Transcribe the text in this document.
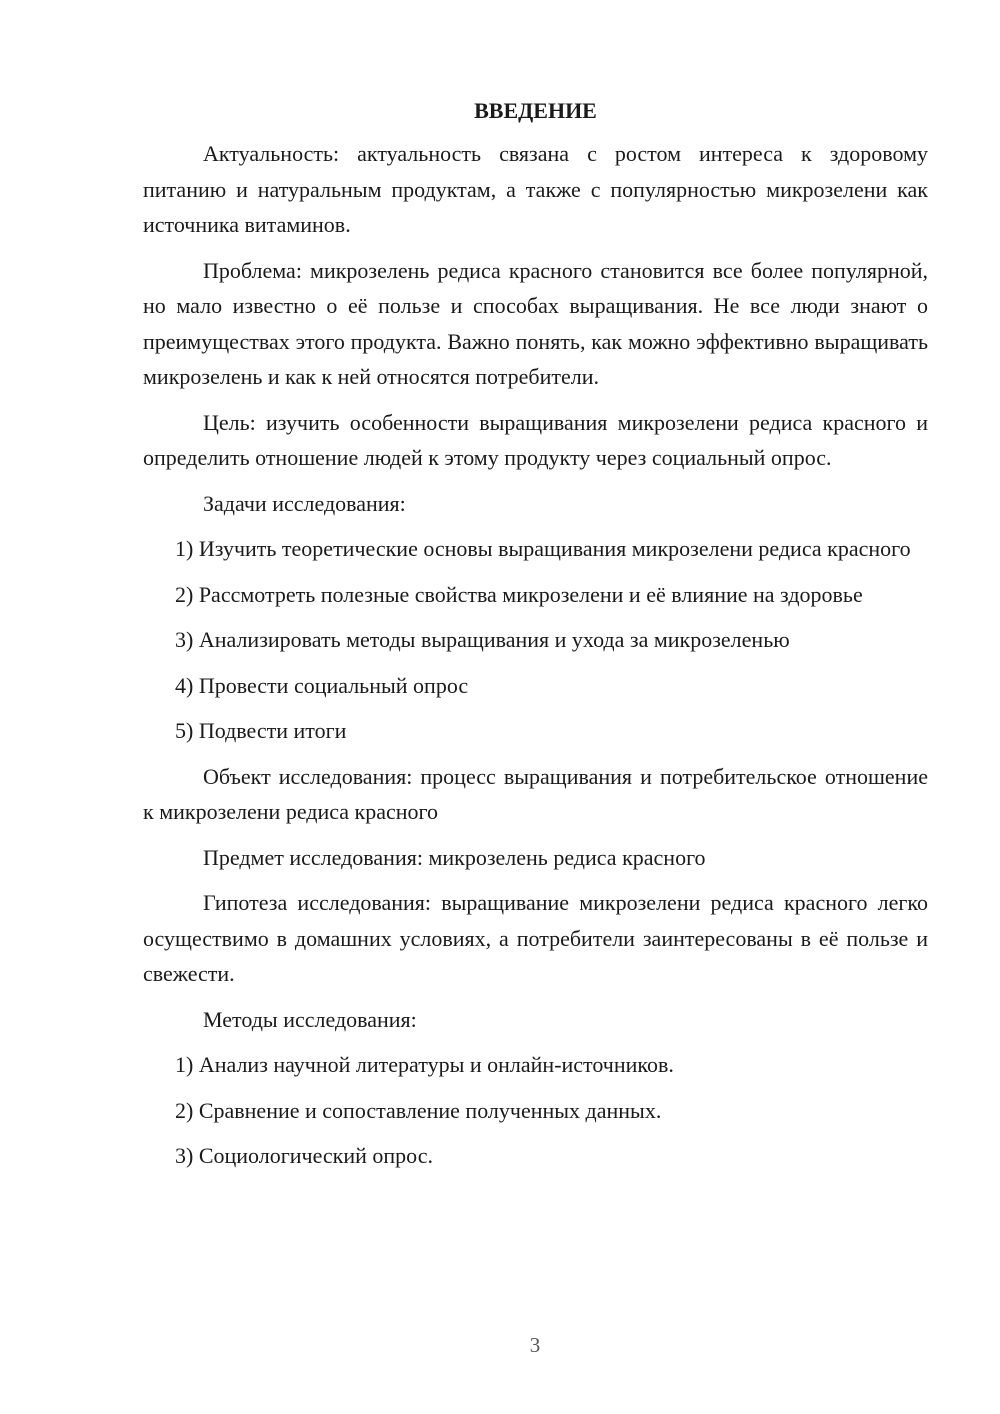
ВВЕДЕНИЕ

Актуальность: актуальность связана с ростом интереса к здоровому питанию и натуральным продуктам, а также с популярностью микрозелени как источника витаминов.

Проблема: микрозелень редиса красного становится все более популярной, но мало известно о её пользе и способах выращивания. Не все люди знают о преимуществах этого продукта. Важно понять, как можно эффективно выращивать микрозелень и как к ней относятся потребители.

Цель: изучить особенности выращивания микрозелени редиса красного и определить отношение людей к этому продукту через социальный опрос.

Задачи исследования:

1) Изучить теоретические основы выращивания микрозелени редиса красного

2) Рассмотреть полезные свойства микрозелени и её влияние на здоровье

3) Анализировать методы выращивания и ухода за микрозеленью

4) Провести социальный опрос

5) Подвести итоги

Объект исследования: процесс выращивания и потребительское отношение к микрозелени редиса красного

Предмет исследования: микрозелень редиса красного

Гипотеза исследования: выращивание микрозелени редиса красного легко осуществимо в домашних условиях, а потребители заинтересованы в её пользе и свежести.

Методы исследования:

1) Анализ научной литературы и онлайн-источников.

2) Сравнение и сопоставление полученных данных.

3) Социологический опрос.

3
